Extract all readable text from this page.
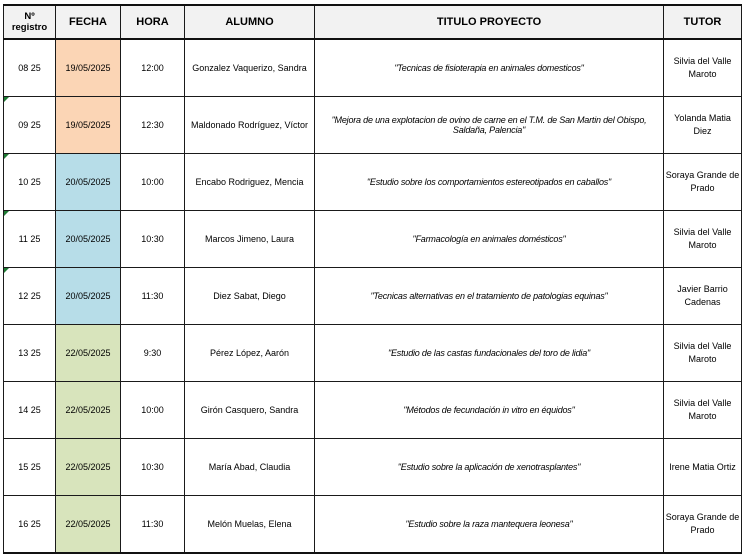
Nº
registro	FECHA	HORA	ALUMNO	TITULO PROYECTO	TUTOR
08 25	19/05/2025	12:00	Gonzalez Vaquerizo, Sandra	"Tecnicas de fisioterapia en animales domesticos"	Silvia del Valle Maroto
09 25	19/05/2025	12:30	Maldonado Rodríguez, Víctor	"Mejora de una explotacion de ovino de carne en el T.M. de San Martin del Obispo, Saldaña, Palencia"	Yolanda Matia Diez
10 25	20/05/2025	10:00	Encabo Rodriguez, Mencia	"Estudio sobre los comportamientos estereotipados en caballos"	Soraya Grande de Prado
11 25	20/05/2025	10:30	Marcos Jimeno, Laura	"Farmacología en animales domésticos"	Silvia del Valle Maroto
12 25	20/05/2025	11:30	Diez Sabat, Diego	"Tecnicas alternativas en el tratamiento de patologias equinas"	Javier Barrio Cadenas
13 25	22/05/2025	9:30	Pérez López, Aarón	"Estudio de las castas fundacionales del toro de lidia"	Silvia del Valle Maroto
14 25	22/05/2025	10:00	Girón Casquero, Sandra	"Métodos de fecundación in vitro en équidos"	Silvia del Valle Maroto
15 25	22/05/2025	10:30	María Abad, Claudia	"Estudio sobre la aplicación de xenotrasplantes"	Irene Matia Ortiz
16 25	22/05/2025	11:30	Melón Muelas, Elena	"Estudio sobre la raza mantequera leonesa"	Soraya Grande de Prado
